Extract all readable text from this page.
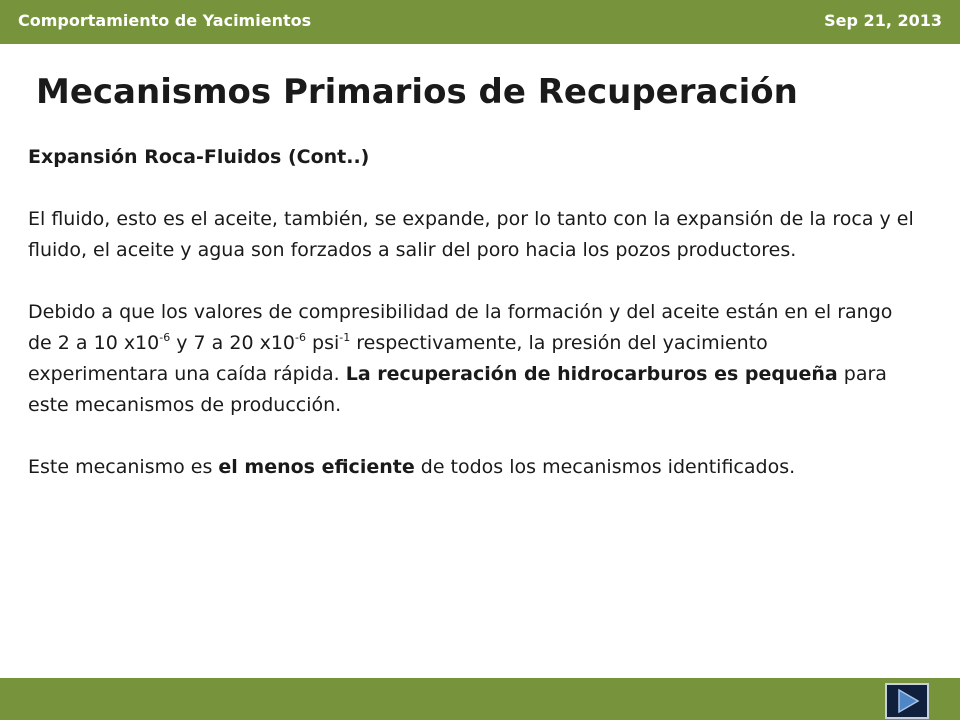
Comportamiento de Yacimientos	Sep 21, 2013
Mecanismos Primarios de Recuperación

Expansión Roca-Fluidos (Cont..)

El fluido, esto es el aceite, también, se expande, por lo tanto con la expansión de la roca y el fluido, el aceite y agua son forzados a salir del poro hacia los pozos productores.

Debido a que los valores de compresibilidad de la formación y del aceite están en el rango de 2 a 10 $x10^{-6}$ y 7 a 20 $x10^{-6}$ psi$^{-1}$ respectivamente, la presión del yacimiento experimentara una caída rápida. La recuperación de hidrocarburos es pequeña para este mecanismos de producción.

Este mecanismo es el menos eficiente de todos los mecanismos identificados.
